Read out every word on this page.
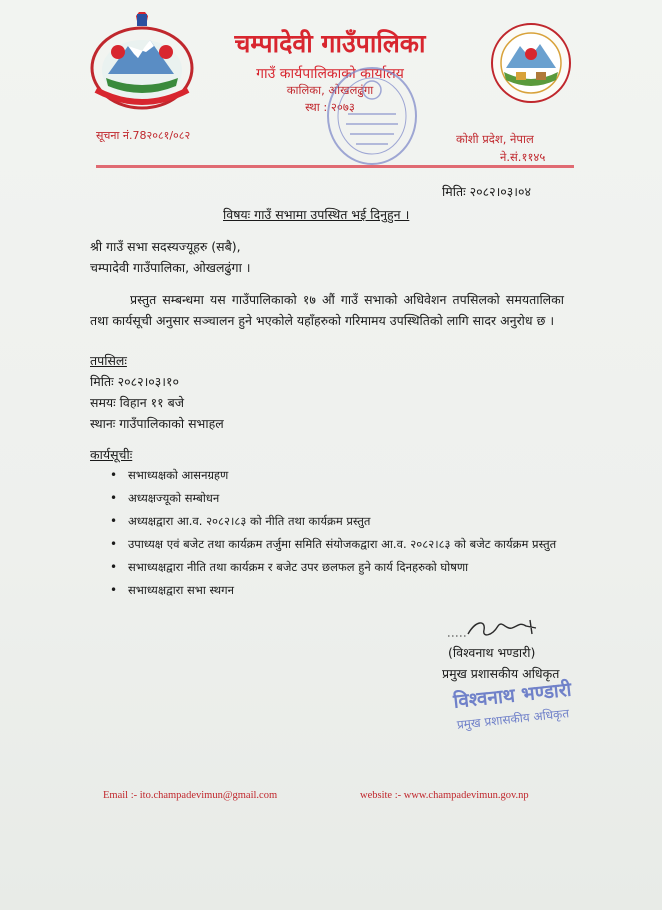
चम्पादेवी गाउँपालिका
गाउँ कार्यपालिकाको कार्यालय
कालिका, ओखलढुंगा
स्था : २०७३
सूचना नं.78२०८१/०८२	कोशी प्रदेश, नेपाल
ने.सं.११४५
मितिः २०८२।०३।०४
विषयः गाउँ सभामा उपस्थित भई दिनुहुन ।
श्री गाउँ सभा सदस्यज्यूहरु (सबै),
चम्पादेवी गाउँपालिका, ओखलढुंगा ।
प्रस्तुत सम्बन्धमा यस गाउँपालिकाको १७ औं गाउँ सभाको अधिवेशन तपसिलको समयतालिका तथा कार्यसूची अनुसार सञ्चालन हुने भएकोले यहाँहरुको गरिमामय उपस्थितिको लागि सादर अनुरोध छ ।
तपसिलः
मितिः २०८२।०३।१०
समयः विहान ११ बजे
स्थानः गाउँपालिकाको सभाहल
कार्यसूचीः
• सभाध्यक्षको आसनग्रहण
• अध्यक्षज्यूको सम्बोधन
• अध्यक्षद्वारा आ.व. २०८२।८३ को नीति तथा कार्यक्रम प्रस्तुत
• उपाध्यक्ष एवं बजेट तथा कार्यक्रम तर्जुमा समिति संयोजकद्वारा आ.व. २०८२।८३ को बजेट कार्यक्रम प्रस्तुत
• सभाध्यक्षद्वारा नीति तथा कार्यक्रम र बजेट उपर छलफल हुने कार्य दिनहरुको घोषणा
• सभाध्यक्षद्वारा सभा स्थगन
(विश्वनाथ भण्डारी)
प्रमुख प्रशासकीय अधिकृत
विश्वनाथ भण्डारी
प्रमुख प्रशासकीय अधिकृत
Email :- ito.champadevimun@gmail.com	website :- www.champadevimun.gov.np
